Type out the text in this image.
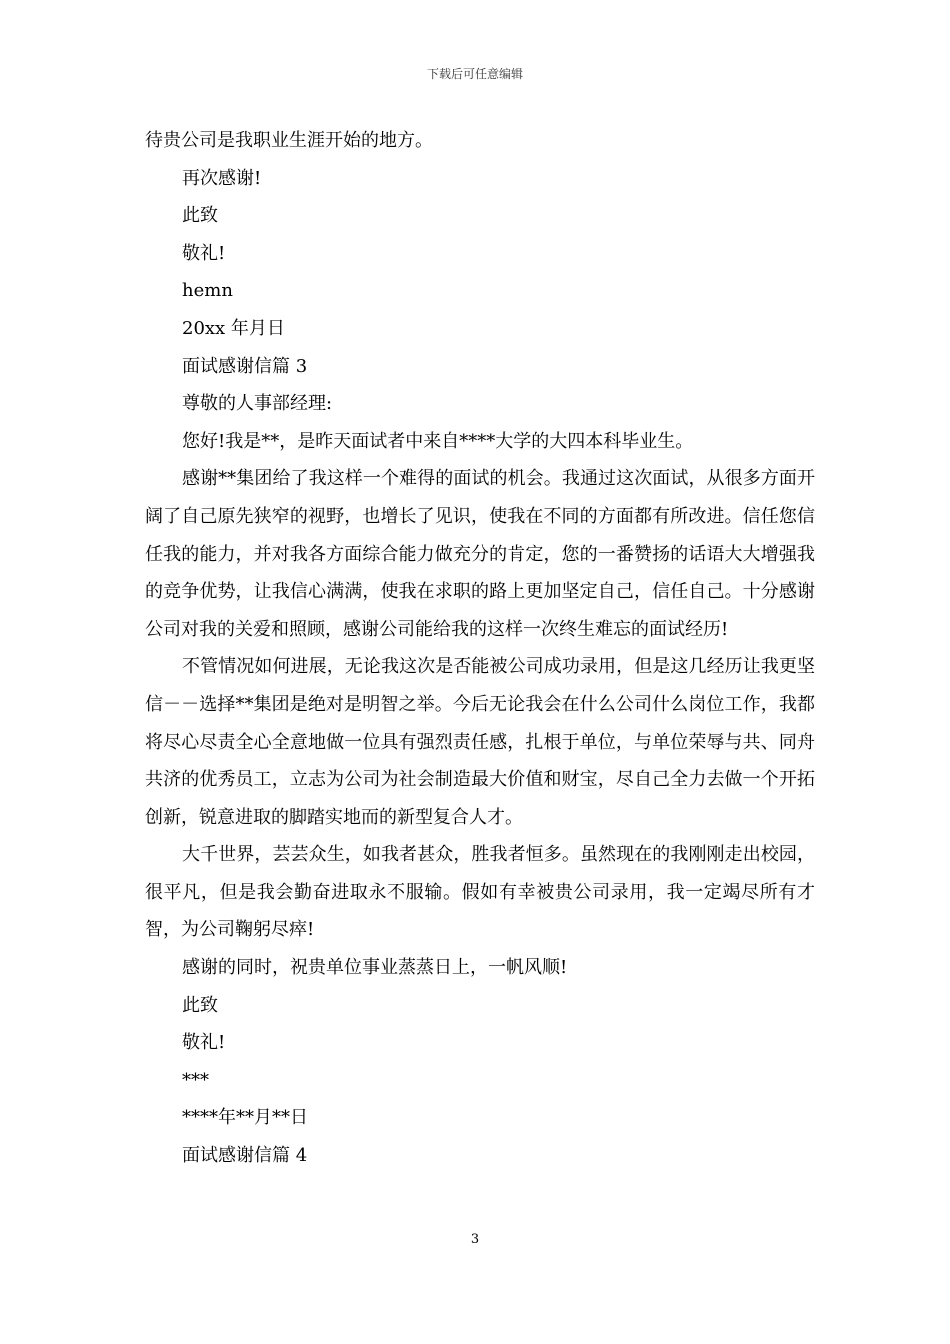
下载后可任意编辑

待贵公司是我职业生涯开始的地方。

再次感谢!

此致

敬礼!

hemn

20xx 年月日

面试感谢信篇 3

尊敬的人事部经理:

您好!我是**，是昨天面试者中来自****大学的大四本科毕业生。

感谢**集团给了我这样一个难得的面试的机会。我通过这次面试，从很多方面开阔了自己原先狭窄的视野，也增长了见识，使我在不同的方面都有所改进。信任您信任我的能力，并对我各方面综合能力做充分的肯定，您的一番赞扬的话语大大增强我的竞争优势，让我信心满满，使我在求职的路上更加坚定自己，信任自己。十分感谢公司对我的关爱和照顾，感谢公司能给我的这样一次终生难忘的面试经历!

不管情况如何进展，无论我这次是否能被公司成功录用，但是这几经历让我更坚信－－选择**集团是绝对是明智之举。今后无论我会在什么公司什么岗位工作，我都将尽心尽责全心全意地做一位具有强烈责任感，扎根于单位，与单位荣辱与共、同舟共济的优秀员工，立志为公司为社会制造最大价值和财宝，尽自己全力去做一个开拓创新，锐意进取的脚踏实地而的新型复合人才。

大千世界，芸芸众生，如我者甚众，胜我者恒多。虽然现在的我刚刚走出校园，很平凡，但是我会勤奋进取永不服输。假如有幸被贵公司录用，我一定竭尽所有才智，为公司鞠躬尽瘁!

感谢的同时，祝贵单位事业蒸蒸日上，一帆风顺!

此致

敬礼!

***

****年**月**日

面试感谢信篇 4

3
